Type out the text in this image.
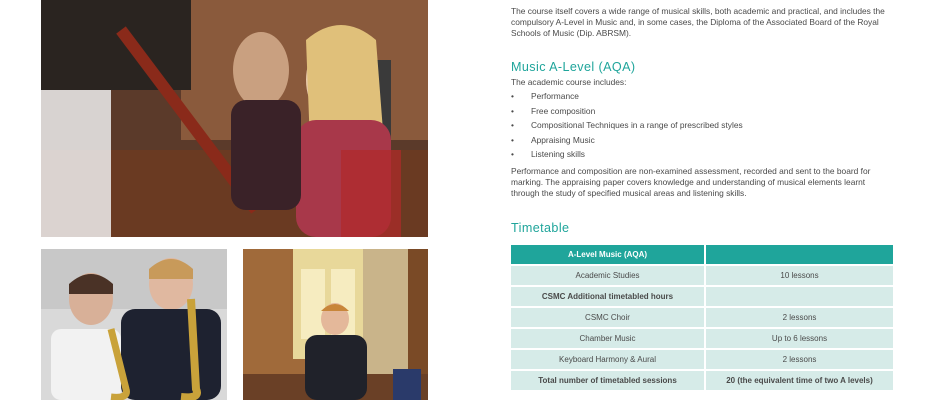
The course itself covers a wide range of musical skills, both academic and practical, and includes the compulsory A-Level in Music and, in some cases, the Diploma of the Associated Board of the Royal Schools of Music (Dip. ABRSM).

Music A-Level (AQA)

The academic course includes:

• Performance
• Free composition
• Compositional Techniques in a range of prescribed styles
• Appraising Music
• Listening skills

Performance and composition are non-examined assessment, recorded and sent to the board for marking. The appraising paper covers knowledge and understanding of musical elements learnt through the study of specified musical areas and listening skills.

Timetable
A-Level Music (AQA)	
Academic Studies	10 lessons
CSMC Additional timetabled hours	
CSMC Choir	2 lessons
Chamber Music	Up to 6 lessons
Keyboard Harmony & Aural	2 lessons
Total number of timetabled sessions	20 (the equivalent time of two A levels)
